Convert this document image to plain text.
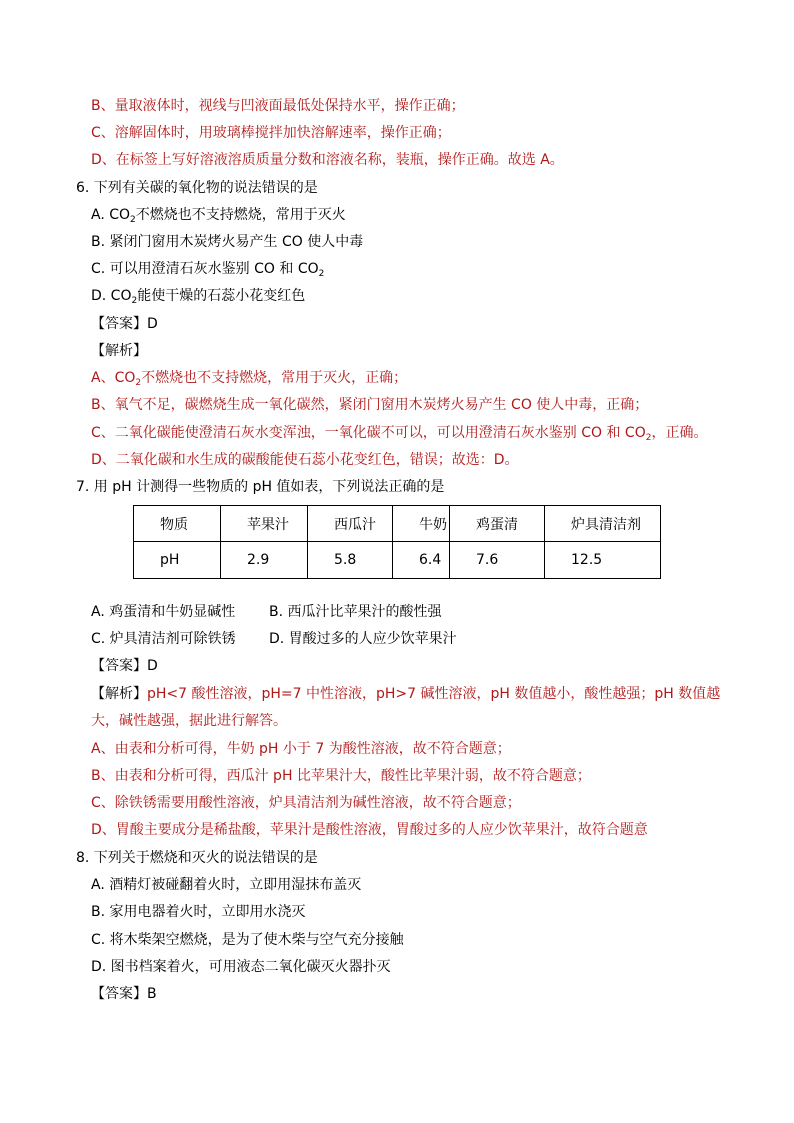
B、量取液体时，视线与凹液面最低处保持水平，操作正确；
C、溶解固体时，用玻璃棒搅拌加快溶解速率，操作正确；
D、在标签上写好溶液溶质质量分数和溶液名称，装瓶，操作正确。故选 A。
6. 下列有关碳的氧化物的说法错误的是
A. $CO_2$不燃烧也不支持燃烧，常用于灭火
B. 紧闭门窗用木炭烤火易产生 CO 使人中毒
C. 可以用澄清石灰水鉴别 CO 和 $CO_2$
D. $CO_2$能使干燥的石蕊小花变红色
【答案】D
【解析】
A、$CO_2$不燃烧也不支持燃烧，常用于灭火，正确；
B、氧气不足，碳燃烧生成一氧化碳然，紧闭门窗用木炭烤火易产生 CO 使人中毒，正确；
C、二氧化碳能使澄清石灰水变浑浊，一氧化碳不可以，可以用澄清石灰水鉴别 CO 和 $CO_2$，正确。
D、二氧化碳和水生成的碳酸能使石蕊小花变红色，错误；故选：D。
7. 用 pH 计测得一些物质的 pH 值如表，下列说法正确的是
物质	苹果汁	西瓜汁	牛奶	鸡蛋清	炉具清洁剂
pH	2.9	5.8	6.4	7.6	12.5
A. 鸡蛋清和牛奶显碱性 B. 西瓜汁比苹果汁的酸性强
C. 炉具清洁剂可除铁锈 D. 胃酸过多的人应少饮苹果汁
【答案】D
【解析】pH<7 酸性溶液，pH=7 中性溶液，pH>7 碱性溶液，pH 数值越小，酸性越强；pH 数值越
大，碱性越强，据此进行解答。
A、由表和分析可得，牛奶 pH 小于 7 为酸性溶液，故不符合题意；
B、由表和分析可得，西瓜汁 pH 比苹果汁大，酸性比苹果汁弱，故不符合题意；
C、除铁锈需要用酸性溶液，炉具清洁剂为碱性溶液，故不符合题意；
D、胃酸主要成分是稀盐酸，苹果汁是酸性溶液，胃酸过多的人应少饮苹果汁，故符合题意
8. 下列关于燃烧和灭火的说法错误的是
A. 酒精灯被碰翻着火时，立即用湿抹布盖灭
B. 家用电器着火时，立即用水浇灭
C. 将木柴架空燃烧，是为了使木柴与空气充分接触
D. 图书档案着火，可用液态二氧化碳灭火器扑灭
【答案】B
